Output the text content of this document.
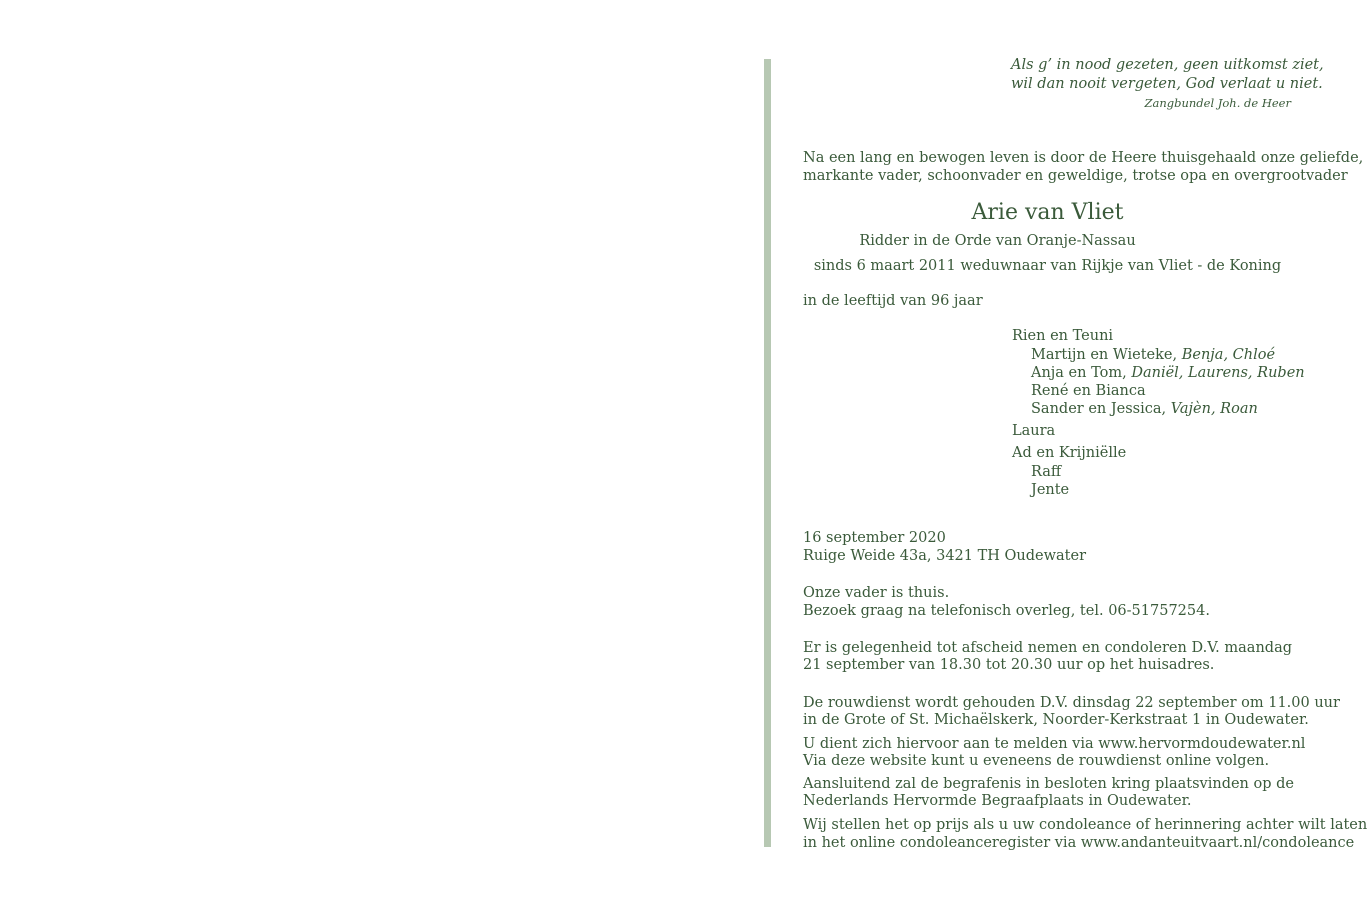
Als g’ in nood gezeten, geen uitkomst ziet,
wil dan nooit vergeten, God verlaat u niet.
Zangbundel Joh. de Heer
Na een lang en bewogen leven is door de Heere thuisgehaald onze geliefde,
markante vader, schoonvader en geweldige, trotse opa en overgrootvader
Arie van Vliet
Ridder in de Orde van Oranje-Nassau
sinds 6 maart 2011 weduwnaar van Rijkje van Vliet - de Koning
in de leeftijd van 96 jaar
Rien en Teuni
Martijn en Wieteke, Benja, Chloé
Anja en Tom, Daniël, Laurens, Ruben
René en Bianca
Sander en Jessica, Vajèn, Roan
Laura
Ad en Krijniëlle
Raff
Jente
16 september 2020
Ruige Weide 43a, 3421 TH Oudewater
Onze vader is thuis.
Bezoek graag na telefonisch overleg, tel. 06-51757254.
Er is gelegenheid tot afscheid nemen en condoleren D.V. maandag
21 september van 18.30 tot 20.30 uur op het huisadres.
De rouwdienst wordt gehouden D.V. dinsdag 22 september om 11.00 uur
in de Grote of St. Michaëlskerk, Noorder-Kerkstraat 1 in Oudewater.
U dient zich hiervoor aan te melden via www.hervormdoudewater.nl
Via deze website kunt u eveneens de rouwdienst online volgen.
Aansluitend zal de begrafenis in besloten kring plaatsvinden op de
Nederlands Hervormde Begraafplaats in Oudewater.
Wij stellen het op prijs als u uw condoleance of herinnering achter wilt laten
in het online condoleanceregister via www.andanteuitvaart.nl/condoleance
